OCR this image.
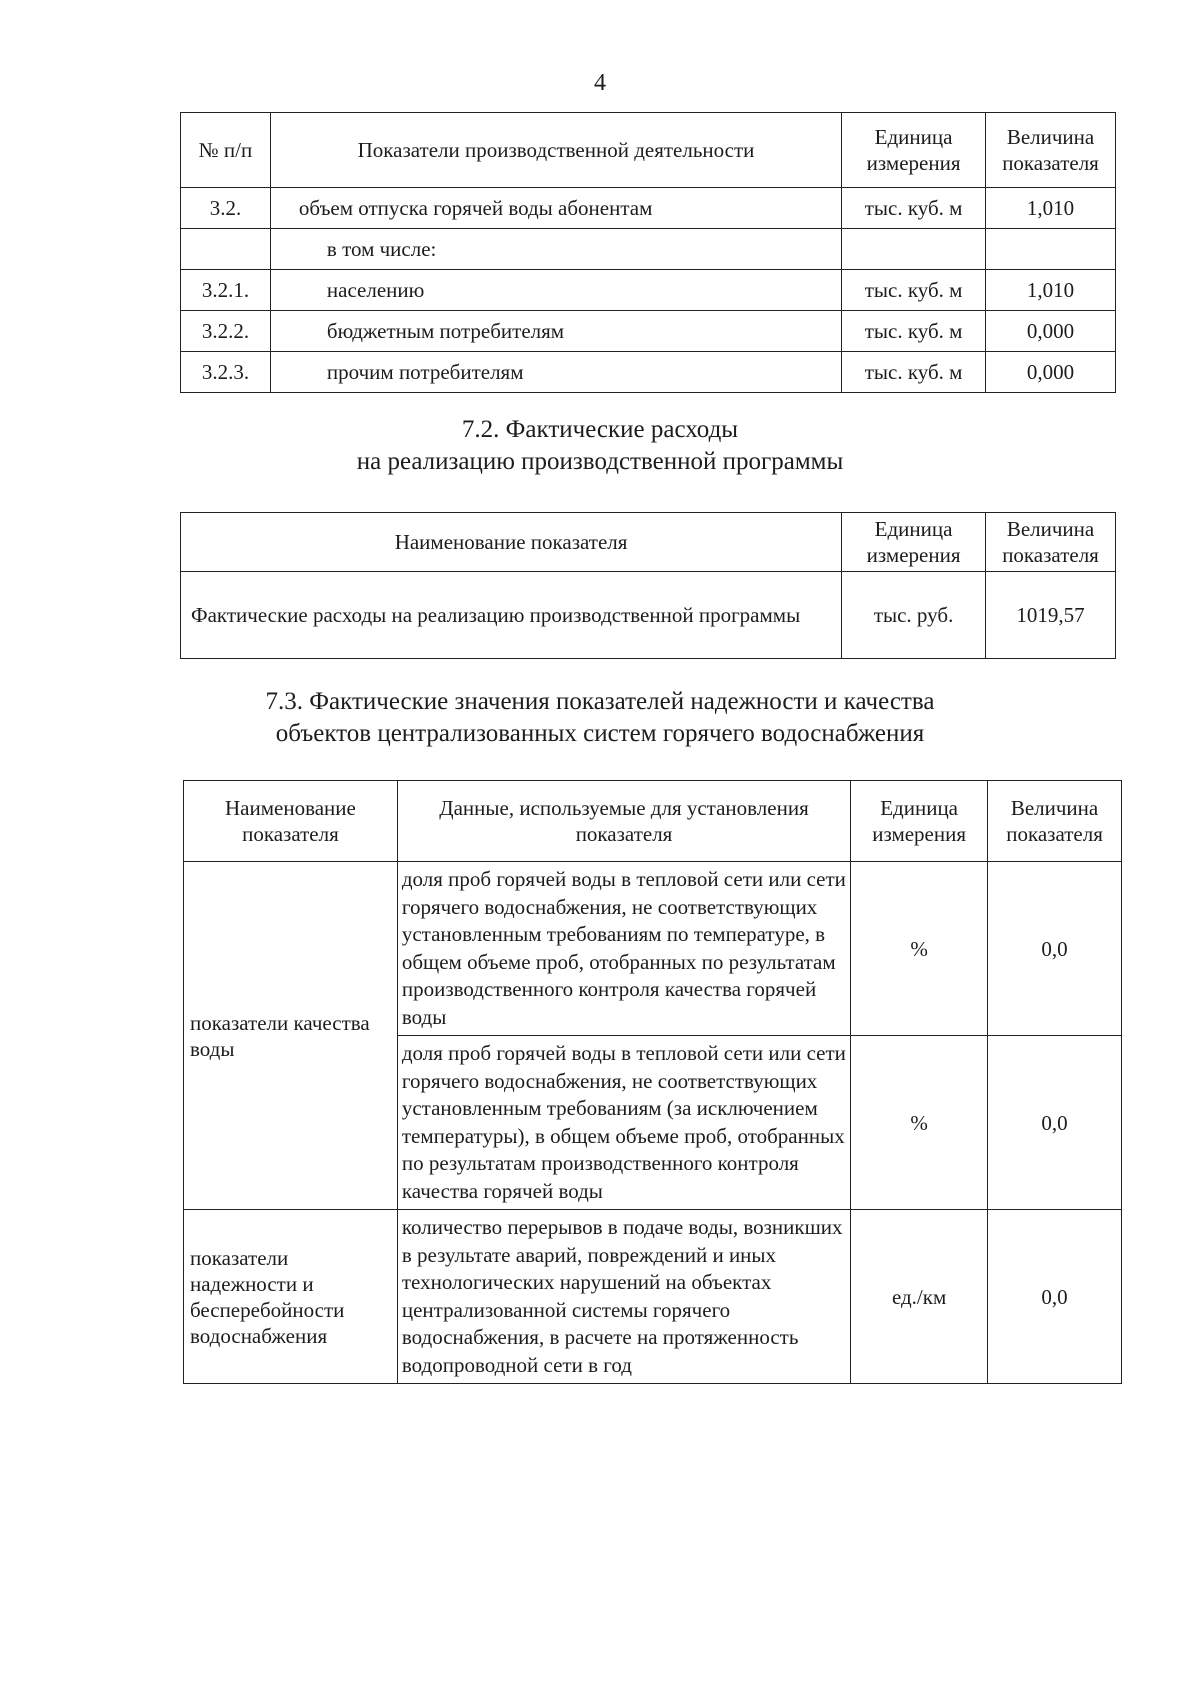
4
№ п/п	Показатели производственной деятельности	Единица измерения	Величина показателя
3.2.	объем отпуска горячей воды абонентам	тыс. куб. м	1,010
	в том числе:		
3.2.1.	населению	тыс. куб. м	1,010
3.2.2.	бюджетным потребителям	тыс. куб. м	0,000
3.2.3.	прочим потребителям	тыс. куб. м	0,000
7.2. Фактические расходы
на реализацию производственной программы
Наименование показателя	Единица измерения	Величина показателя
Фактические расходы на реализацию производственной программы	тыс. руб.	1019,57
7.3. Фактические значения показателей надежности и качества
объектов централизованных систем горячего водоснабжения
Наименование показателя	Данные, используемые для установления показателя	Единица измерения	Величина показателя
показатели качества воды	доля проб горячей воды в тепловой сети или сети горячего водоснабжения, не соответствующих установленным требованиям по температуре, в общем объеме проб, отобранных по результатам производственного контроля качества горячей воды	%	0,0
	доля проб горячей воды в тепловой сети или сети горячего водоснабжения, не соответствующих установленным требованиям (за исключением температуры), в общем объеме проб, отобранных по результатам производственного контроля качества горячей воды	%	0,0
показатели надежности и бесперебойности водоснабжения	количество перерывов в подаче воды, возникших в результате аварий, повреждений и иных технологических нарушений на объектах централизованной системы горячего водоснабжения, в расчете на протяженность водопроводной сети в год	ед./км	0,0
